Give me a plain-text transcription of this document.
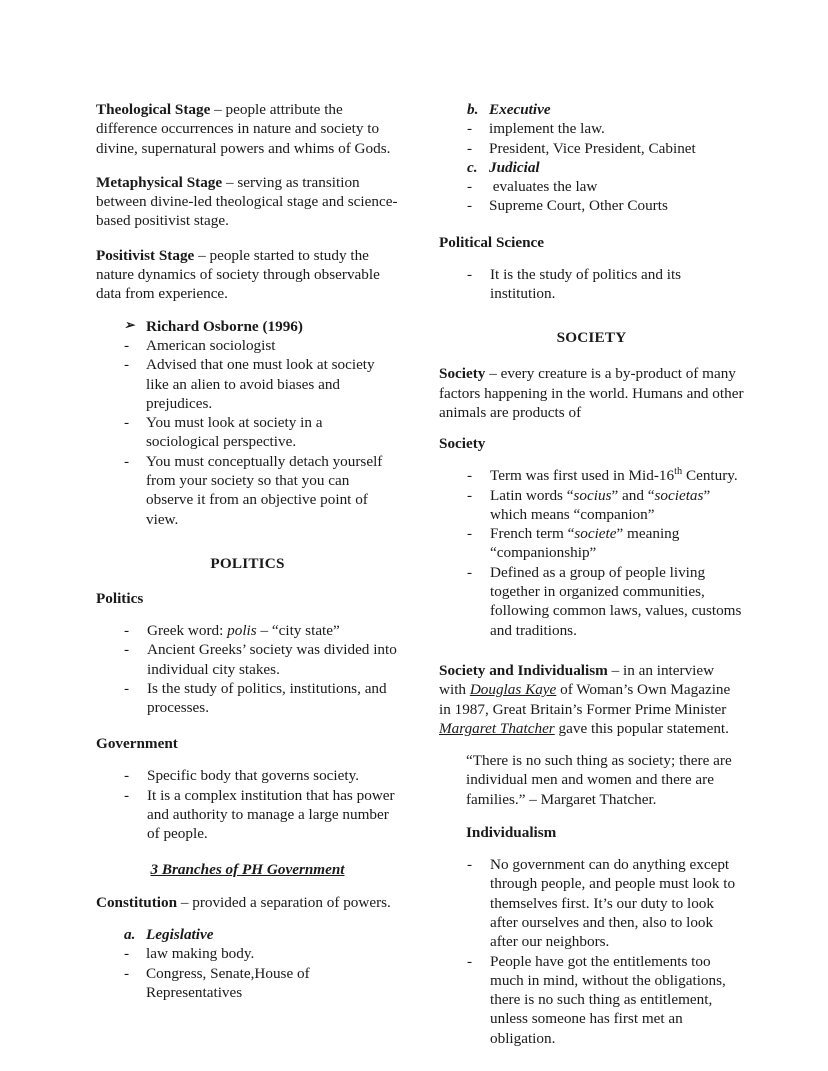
Theological Stage – people attribute the difference occurrences in nature and society to divine, supernatural powers and whims of Gods.

Metaphysical Stage – serving as transition between divine-led theological stage and science-based positivist stage.

Positivist Stage – people started to study the nature dynamics of society through observable data from experience.

➢ Richard Osborne (1996)
-	American sociologist
-	Advised that one must look at society like an alien to avoid biases and prejudices.
-	You must look at society in a sociological perspective.
-	You must conceptually detach yourself from your society so that you can observe it from an objective point of view.
POLITICS
Politics
-	Greek word: polis – “city state”
-	Ancient Greeks’ society was divided into individual city stakes.
-	Is the study of politics, institutions, and processes.
Government
-	Specific body that governs society.
-	It is a complex institution that has power and authority to manage a large number of people.
3 Branches of PH Government

Constitution – provided a separation of powers.

a. Legislative
-	law making body.
-	Congress, Senate,House of Representatives
b. Executive
-	implement the law.
-	President, Vice President, Cabinet
c. Judicial
-	evaluates the law
-	Supreme Court, Other Courts
Political Science
-	It is the study of politics and its institution.
SOCIETY

Society – every creature is a by-product of many factors happening in the world. Humans and other animals are products of

Society
-	Term was first used in Mid-16th Century.
-	Latin words “socius” and “societas” which means “companion”
-	French term “societe” meaning “companionship”
-	Defined as a group of people living together in organized communities, following common laws, values, customs and traditions.

Society and Individualism – in an interview with Douglas Kaye of Woman’s Own Magazine in 1987, Great Britain’s Former Prime Minister Margaret Thatcher gave this popular statement.

“There is no such thing as society; there are individual men and women and there are families.” – Margaret Thatcher.

Individualism
-	No government can do anything except through people, and people must look to themselves first. It’s our duty to look after ourselves and then, also to look after our neighbors.
-	People have got the entitlements too much in mind, without the obligations, there is no such thing as entitlement, unless someone has first met an obligation.
